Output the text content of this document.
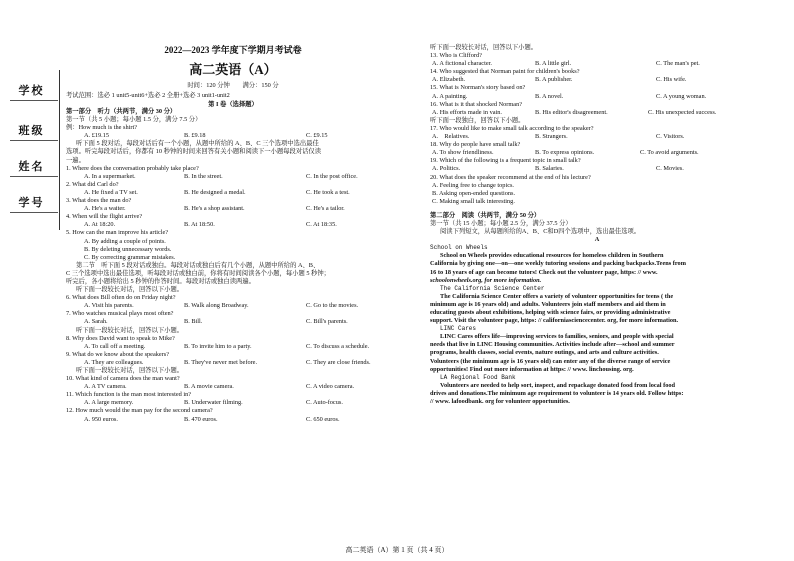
学校
班级
姓名
学号
2022—2023 学年度下学期月考试卷
高二英语（A）
时间：120 分钟　　满分：150 分
考试范围：选必 1 unit5-unit6+选必 2 全册+选必 3 unit1-unit2
第 I 卷（选择题）
第一部分　听力（共两节，满分 30 分）
第一节（共 5 小题；每小题 1.5 分，满分 7.5 分）
例：How much is the shirt?
A. £19.15	B. £9.18	C. £9.15
听下面 5 段对话，每段对话后有一个小题，从题中所给的 A、B、C 三个选项中选出最佳
选项。听完每段对话后，你都有 10 秒钟的时间来回答有关小题和阅读下一小题每段对话仅读
一遍。
1. Where does the conversation probably take place?
A. In a supermarket.	B. In the street.	C. In the post office.
2. What did Carl do?
A. He fixed a TV set.	B. He designed a medal.	C. He took a test.
3. What does the man do?
A. He's a waiter.	B. He's a shop assistant.	C. He's a tailor.
4. When will the flight arrive?
A. At 18:20.	B. At 18:50.	C. At 18:35.
5. How can the man improve his article?
A. By adding a couple of points.
B. By deleting unnecessary words.
C. By correcting grammar mistakes.
第二节　听下面 5 段对话或独白。每段对话或独白后有几个小题，从题中所给的 A、B、
C 三个选项中选出最佳选项，听每段对话或独白前，你将有时间阅读各个小题，每小题 5 秒钟；
听完后，各小题将给出 5 秒钟的作答时间。每段对话或独白读两遍。
听下面一段较长对话，回答以下小题。
6. What does Bill often do on Friday night?
A. Visit his parents.	B. Walk along Broadway.	C. Go to the movies.
7. Who watches musical plays most often?
A. Sarah.	B. Bill.	C. Bill's parents.
听下面一段较长对话，回答以下小题。
8. Why does David want to speak to Mike?
A. To call off a meeting.	B. To invite him to a party.	C. To discuss a schedule.
9. What do we know about the speakers?
A. They are colleagues.	B. They've never met before.	C. They are close friends.
听下面一段较长对话，回答以下小题。
10. What kind of camera does the man want?
A. A TV camera.	B. A movie camera.	C. A video camera.
11. Which function is the man most interested in?
A. A large memory.	B. Underwater filming.	C. Auto-focus.
12. How much would the man pay for the second camera?
A. 950 euros.	B. 470 euros.	C. 650 euros.
听下面一段较长对话，回答以下小题。
13. Who is Clifford?
A. A fictional character.	B. A little girl.	C. The man's pet.
14. Who suggested that Norman paint for children's books?
A. Elizabeth.	B. A publisher.	C. His wife.
15. What is Norman's story based on?
A. A painting.	B. A novel.	C. A young woman.
16. What is it that shocked Norman?
A. His efforts made in vain.	B. His editor's disagreement.	C. His unexpected success.
听下面一段独白，回答以下小题。
17. Who would like to make small talk according to the speaker?
A.　Relatives.	B. Strangers.	C. Visitors.
18. Why do people have small talk?
A. To show friendliness.	B. To express opinions.	C. To avoid arguments.
19. Which of the following is a frequent topic in small talk?
A. Politics.	B. Salaries.	C. Movies.
20. What does the speaker recommend at the end of his lecture?
A. Feeling free to change topics.
B. Asking open-ended questions.
C. Making small talk interesting.
第二部分　阅读（共两节，满分 50 分）
第一节（共 15 小题；每小题 2.5 分，满分 37.5 分）
阅读下列短文，从每题所给的A、B、C和D四个选项中，选出最佳选项。
A
School on Wheels
School on Wheels provides educational resources for homeless children in Southern
California by giving one—on—one weekly tutoring sessions and packing backpacks.Teens from
16 to 18 years of age can become tutors! Check out the volunteer page, https: // www.
schoolonwheels.org, for more information.
The California Science Center
The California Science Center offers a variety of volunteer opportunities for teens ( the
minimum age is 16 years old) and adults. Volunteers join staff members and aid them in
educating guests about exhibitions, helping with science fairs, or providing administrative
support. Visit the volunteer page, https: // californiasciencecenter. org, for more information.
LINC Cares
LINC Cares offers life—improving services to families, seniors, and people with special
needs that live in LINC Housing communities. Activities include after—school and summer
programs, health classes, social events, nature outings, and arts and culture activities.
Volunteers (the minimum age is 16 years old) can enter any of the diverse range of service
opportunities! Find out more information at https: // www. linchousing. org.
LA Regional Food Bank
Volunteers are needed to help sort, inspect, and repackage donated food from local food
drives and donations.The minimum age requirement to volunteer is 14 years old. Follow https:
// www. lafoodbank. org for volunteer opportunities.
高二英语（A）第 1 页（共 4 页）
